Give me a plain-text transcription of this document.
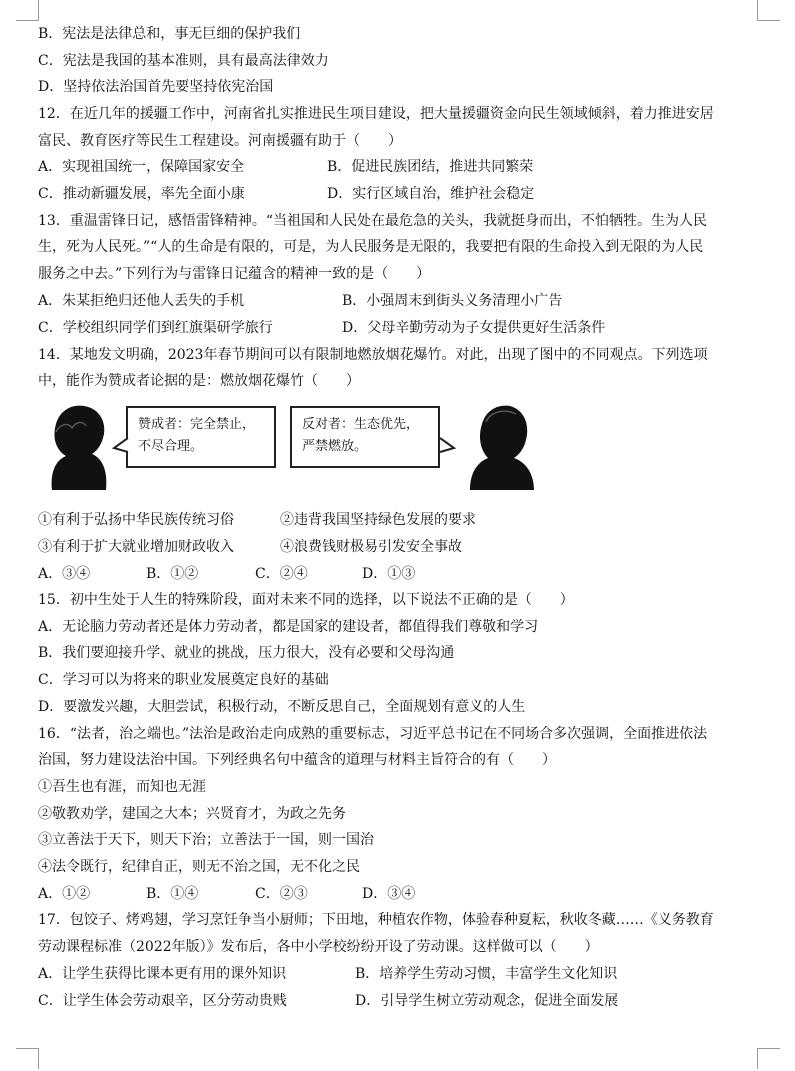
B．宪法是法律总和，事无巨细的保护我们
C．宪法是我国的基本准则，具有最高法律效力
D．坚持依法治国首先要坚持依宪治国
12．在近几年的援疆工作中，河南省扎实推进民生项目建设，把大量援疆资金向民生领域倾斜，着力推进安居
富民、教育医疗等民生工程建设。河南援疆有助于（　　）
A．实现祖国统一，保障国家安全	B．促进民族团结，推进共同繁荣
C．推动新疆发展，率先全面小康	D．实行区域自治，维护社会稳定
13．重温雷锋日记，感悟雷锋精神。“当祖国和人民处在最危急的关头，我就挺身而出，不怕牺牲。生为人民
生，死为人民死。”“人的生命是有限的，可是，为人民服务是无限的，我要把有限的生命投入到无限的为人民
服务之中去。”下列行为与雷锋日记蕴含的精神一致的是（　　）
A．朱某拒绝归还他人丢失的手机	B．小强周末到街头义务清理小广告
C．学校组织同学们到红旗渠研学旅行	D．父母辛勤劳动为子女提供更好生活条件
14．某地发文明确，2023年春节期间可以有限制地燃放烟花爆竹。对此，出现了图中的不同观点。下列选项
中，能作为赞成者论据的是：燃放烟花爆竹（　　）
赞成者：完全禁止，
不尽合理。
反对者：生态优先，
严禁燃放。
①有利于弘扬中华民族传统习俗	②违背我国坚持绿色发展的要求
③有利于扩大就业增加财政收入	④浪费钱财极易引发安全事故
A．③④	B．①②	C．②④	D．①③
15．初中生处于人生的特殊阶段，面对未来不同的选择，以下说法不正确的是（　　）
A．无论脑力劳动者还是体力劳动者，都是国家的建设者，都值得我们尊敬和学习
B．我们要迎接升学、就业的挑战，压力很大，没有必要和父母沟通
C．学习可以为将来的职业发展奠定良好的基础
D．要激发兴趣，大胆尝试，积极行动，不断反思自己，全面规划有意义的人生
16．“法者，治之端也。”法治是政治走向成熟的重要标志，习近平总书记在不同场合多次强调，全面推进依法
治国，努力建设法治中国。下列经典名句中蕴含的道理与材料主旨符合的有（　　）
①吾生也有涯，而知也无涯
②敬教劝学，建国之大本；兴贤育才，为政之先务
③立善法于天下，则天下治；立善法于一国，则一国治
④法令既行，纪律自正，则无不治之国，无不化之民
A．①②	B．①④	C．②③	D．③④
17．包饺子、烤鸡翅，学习烹饪争当小厨师；下田地，种植农作物，体验春种夏耘，秋收冬藏……《义务教育
劳动课程标准（2022年版）》发布后，各中小学校纷纷开设了劳动课。这样做可以（　　）
A．让学生获得比课本更有用的课外知识	B．培养学生劳动习惯，丰富学生文化知识
C．让学生体会劳动艰辛，区分劳动贵贱	D．引导学生树立劳动观念，促进全面发展
